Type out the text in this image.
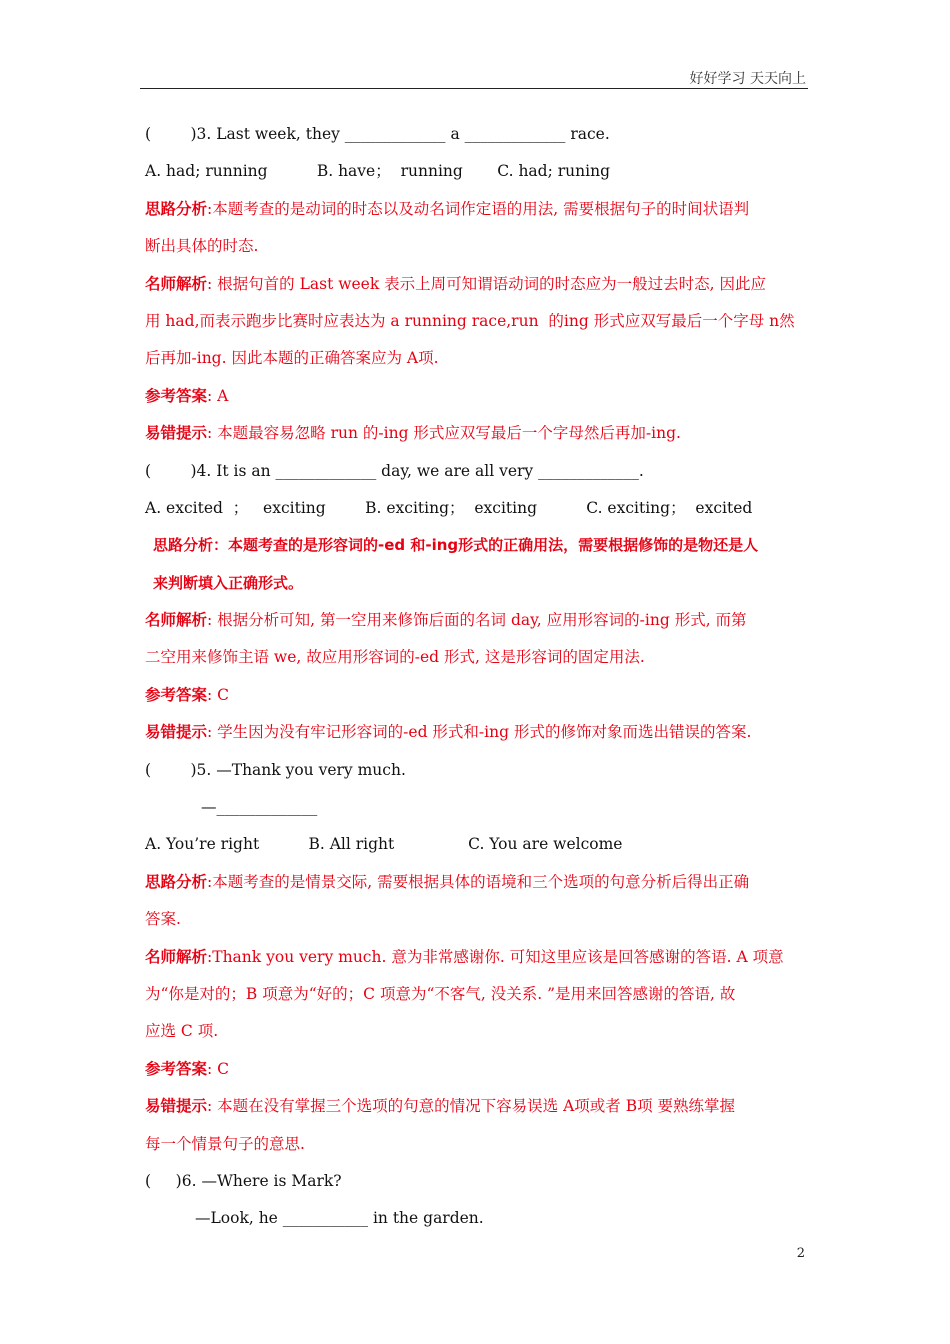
好好学习 天天向上
(        )3. Last week, they _____________ a _____________ race.
A. had; running          B. have；  running       C. had; runing
思路分析:本题考查的是动词的时态以及动名词作定语的用法, 需要根据句子的时间状语判
断出具体的时态.
名师解析: 根据句首的 Last week 表示上周可知谓语动词的时态应为一般过去时态, 因此应
用 had,而表示跑步比赛时应表达为 a running race,run  的ing 形式应双写最后一个字母 n然
后再加-ing. 因此本题的正确答案应为 A项.
参考答案: A
易错提示: 本题最容易忽略 run 的-ing 形式应双写最后一个字母然后再加-ing.
(        )4. It is an _____________ day, we are all very _____________.
A. excited  ；   exciting        B. exciting；  exciting          C. exciting；  excited
思路分析：本题考查的是形容词的-ed 和-ing形式的正确用法，需要根据修饰的是物还是人
来判断填入正确形式。
名师解析: 根据分析可知, 第一空用来修饰后面的名词 day, 应用形容词的-ing 形式, 而第
二空用来修饰主语 we, 故应用形容词的-ed 形式, 这是形容词的固定用法.
参考答案: C
易错提示: 学生因为没有牢记形容词的-ed 形式和-ing 形式的修饰对象而选出错误的答案.
(        )5. —Thank you very much.
—_____________
A. You’re right          B. All right               C. You are welcome
思路分析:本题考查的是情景交际, 需要根据具体的语境和三个选项的句意分析后得出正确
答案.
名师解析:Thank you very much. 意为非常感谢你. 可知这里应该是回答感谢的答语. A 项意
为“你是对的；B 项意为“好的；C 项意为“不客气, 没关系. ”是用来回答感谢的答语, 故
应选 C 项.
参考答案: C
易错提示: 本题在没有掌握三个选项的句意的情况下容易误选 A项或者 B项 要熟练掌握
每一个情景句子的意思.
(     )6. —Where is Mark?
—Look, he ___________ in the garden.
2
